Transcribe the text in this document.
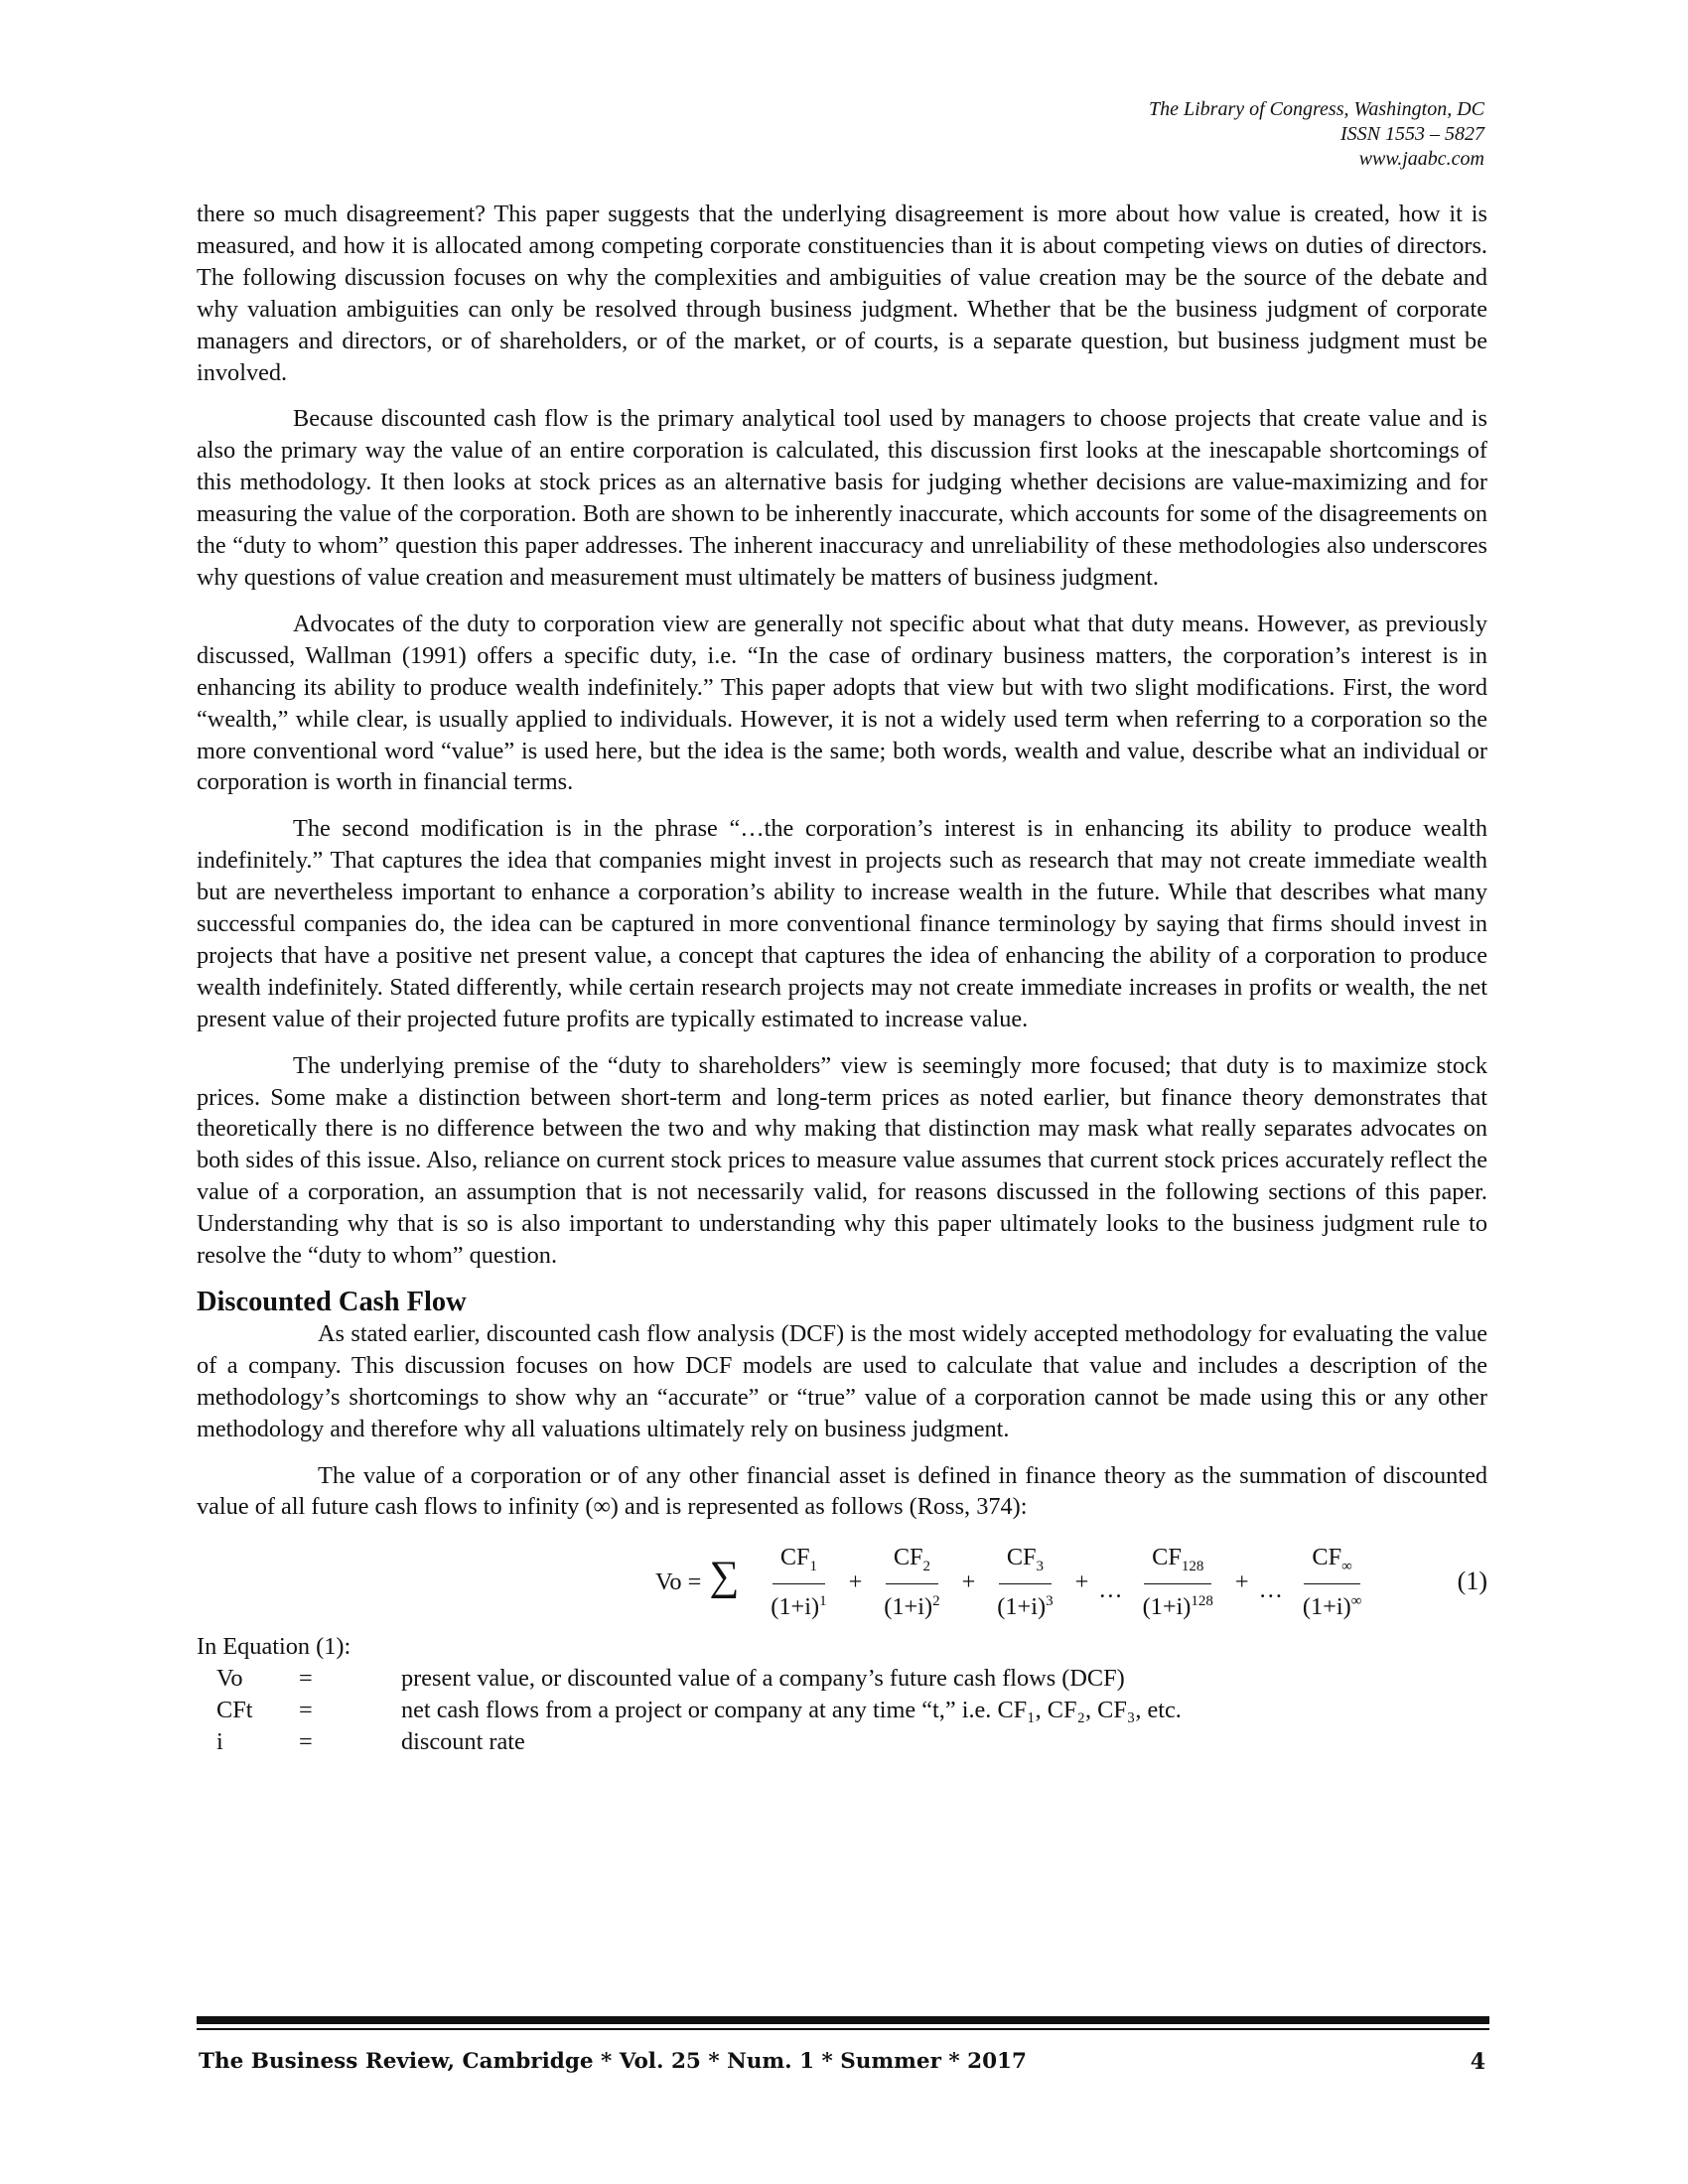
The Library of Congress, Washington, DC
ISSN 1553 – 5827
www.jaabc.com

there so much disagreement? This paper suggests that the underlying disagreement is more about how value is created, how it is measured, and how it is allocated among competing corporate constituencies than it is about competing views on duties of directors. The following discussion focuses on why the complexities and ambiguities of value creation may be the source of the debate and why valuation ambiguities can only be resolved through business judgment. Whether that be the business judgment of corporate managers and directors, or of shareholders, or of the market, or of courts, is a separate question, but business judgment must be involved.

Because discounted cash flow is the primary analytical tool used by managers to choose projects that create value and is also the primary way the value of an entire corporation is calculated, this discussion first looks at the inescapable shortcomings of this methodology. It then looks at stock prices as an alternative basis for judging whether decisions are value-maximizing and for measuring the value of the corporation. Both are shown to be inherently inaccurate, which accounts for some of the disagreements on the “duty to whom” question this paper addresses. The inherent inaccuracy and unreliability of these methodologies also underscores why questions of value creation and measurement must ultimately be matters of business judgment.

Advocates of the duty to corporation view are generally not specific about what that duty means. However, as previously discussed, Wallman (1991) offers a specific duty, i.e. “In the case of ordinary business matters, the corporation’s interest is in enhancing its ability to produce wealth indefinitely.” This paper adopts that view but with two slight modifications. First, the word “wealth,” while clear, is usually applied to individuals. However, it is not a widely used term when referring to a corporation so the more conventional word “value” is used here, but the idea is the same; both words, wealth and value, describe what an individual or corporation is worth in financial terms.

The second modification is in the phrase “…the corporation’s interest is in enhancing its ability to produce wealth indefinitely.” That captures the idea that companies might invest in projects such as research that may not create immediate wealth but are nevertheless important to enhance a corporation’s ability to increase wealth in the future. While that describes what many successful companies do, the idea can be captured in more conventional finance terminology by saying that firms should invest in projects that have a positive net present value, a concept that captures the idea of enhancing the ability of a corporation to produce wealth indefinitely. Stated differently, while certain research projects may not create immediate increases in profits or wealth, the net present value of their projected future profits are typically estimated to increase value.

The underlying premise of the “duty to shareholders” view is seemingly more focused; that duty is to maximize stock prices. Some make a distinction between short-term and long-term prices as noted earlier, but finance theory demonstrates that theoretically there is no difference between the two and why making that distinction may mask what really separates advocates on both sides of this issue. Also, reliance on current stock prices to measure value assumes that current stock prices accurately reflect the value of a corporation, an assumption that is not necessarily valid, for reasons discussed in the following sections of this paper. Understanding why that is so is also important to understanding why this paper ultimately looks to the business judgment rule to resolve the “duty to whom” question.

Discounted Cash Flow

As stated earlier, discounted cash flow analysis (DCF) is the most widely accepted methodology for evaluating the value of a company. This discussion focuses on how DCF models are used to calculate that value and includes a description of the methodology’s shortcomings to show why an “accurate” or “true” value of a corporation cannot be made using this or any other methodology and therefore why all valuations ultimately rely on business judgment.

The value of a corporation or of any other financial asset is defined in finance theory as the summation of discounted value of all future cash flows to infinity (∞) and is represented as follows (Ross, 374):

Vo = ∑ $\frac{CF_1}{(1+i)^1} + \frac{CF_2}{(1+i)^2} + \frac{CF_3}{(1+i)^3}$ + … $\frac{CF_{128}}{(1+i)^{128}}$ + … $\frac{CF_\infty}{(1+i)^\infty}$	(1)

In Equation (1):

Vo	=	present value, or discounted value of a company’s future cash flows (DCF)
CFt	=	net cash flows from a project or company at any time “t,” i.e. CF₁, CF₂, CF₃, etc.
i	=	discount rate
The Business Review, Cambridge * Vol. 25 * Num. 1 * Summer * 2017	4
